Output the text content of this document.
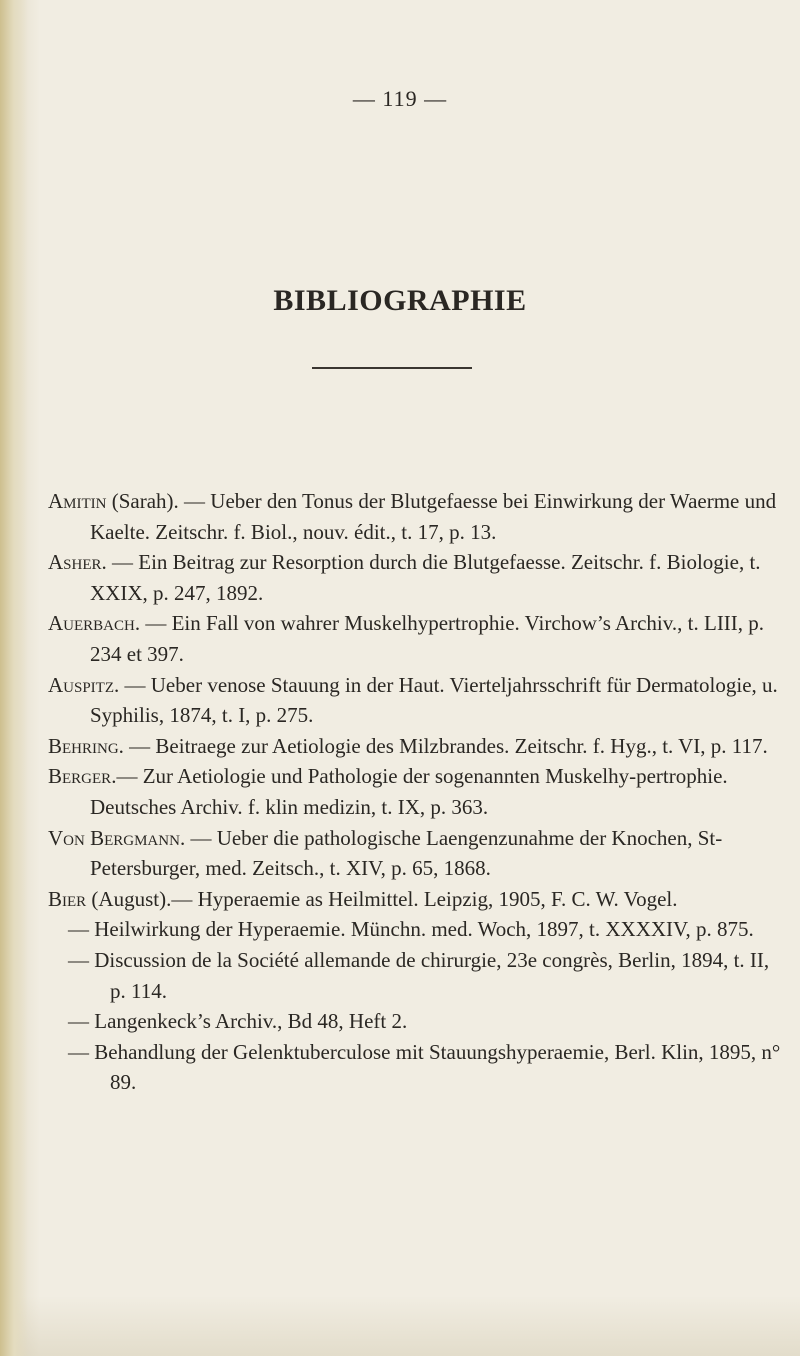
— 119 —
BIBLIOGRAPHIE

Amitin (Sarah). — Ueber den Tonus der Blutgefaesse bei Einwirkung der Waerme und Kaelte. Zeitschr. f. Biol., nouv. édit., t. 17, p. 13.

Asher. — Ein Beitrag zur Resorption durch die Blutgefaesse. Zeitschr. f. Biologie, t. XXIX, p. 247, 1892.

Auerbach. — Ein Fall von wahrer Muskelhypertrophie. Virchow’s Archiv., t. LIII, p. 234 et 397.

Auspitz. — Ueber venose Stauung in der Haut. Vierteljahrsschrift für Dermatologie, u. Syphilis, 1874, t. I, p. 275.

Behring. — Beitraege zur Aetiologie des Milzbrandes. Zeitschr. f. Hyg., t. VI, p. 117.

Berger.— Zur Aetiologie und Pathologie der sogenannten Muskelhy-pertrophie. Deutsches Archiv. f. klin medizin, t. IX, p. 363.

Von Bergmann. — Ueber die pathologische Laengenzunahme der Knochen, St-Petersburger, med. Zeitsch., t. XIV, p. 65, 1868.

Bier (August).— Hyperaemie as Heilmittel. Leipzig, 1905, F. C. W. Vogel.

— Heilwirkung der Hyperaemie. Münchn. med. Woch, 1897, t. XXXXIV, p. 875.

— Discussion de la Société allemande de chirurgie, 23e congrès, Berlin, 1894, t. II, p. 114.

— Langenkeck’s Archiv., Bd 48, Heft 2.

— Behandlung der Gelenktuberculose mit Stauungshyperaemie, Berl. Klin, 1895, n° 89.
